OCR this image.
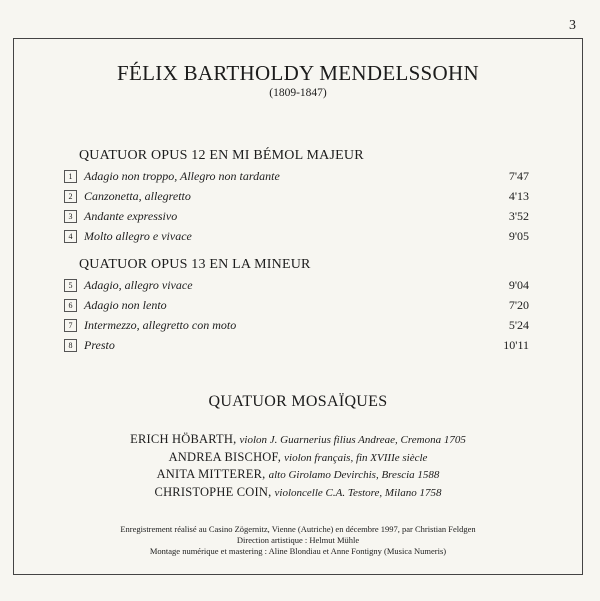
3
FÉLIX BARTHOLDY MENDELSSOHN
(1809-1847)
QUATUOR OPUS 12 EN MI BÉMOL MAJEUR
1 Adagio non troppo, Allegro non tardante	7'47
2 Canzonetta, allegretto	4'13
3 Andante expressivo	3'52
4 Molto allegro e vivace	9'05
QUATUOR OPUS 13 EN LA MINEUR
5 Adagio, allegro vivace	9'04
6 Adagio non lento	7'20
7 Intermezzo, allegretto con moto	5'24
8 Presto	10'11
QUATUOR MOSAÏQUES
ERICH HÖBARTH, violon J. Guarnerius filius Andreae, Cremona 1705
ANDREA BISCHOF, violon français, fin XVIIIe siècle
ANITA MITTERER, alto Girolamo Devirchis, Brescia 1588
CHRISTOPHE COIN, violoncelle C.A. Testore, Milano 1758
Enregistrement réalisé au Casino Zögernitz, Vienne (Autriche) en décembre 1997, par Christian Feldgen
Direction artistique : Helmut Mühle
Montage numérique et mastering : Aline Blondiau et Anne Fontigny (Musica Numeris)
